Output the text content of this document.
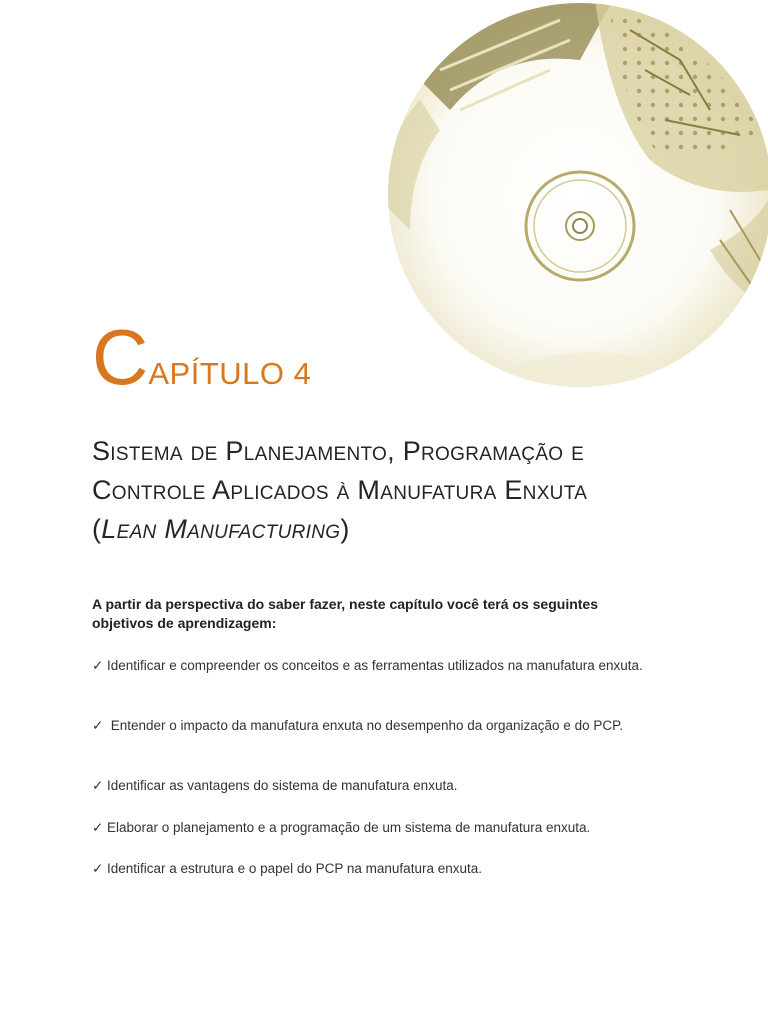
CAPÍTULO 4
Sistema de Planejamento, Programação e
Controle Aplicados à Manufatura Enxuta
(Lean Manufacturing)
A partir da perspectiva do saber fazer, neste capítulo você terá os seguintes objetivos de aprendizagem:
✓ Identificar e compreender os conceitos e as ferramentas utilizados na manufatura enxuta.
✓ Entender o impacto da manufatura enxuta no desempenho da organização e do PCP.
✓ Identificar as vantagens do sistema de manufatura enxuta.
✓ Elaborar o planejamento e a programação de um sistema de manufatura enxuta.
✓ Identificar a estrutura e o papel do PCP na manufatura enxuta.
